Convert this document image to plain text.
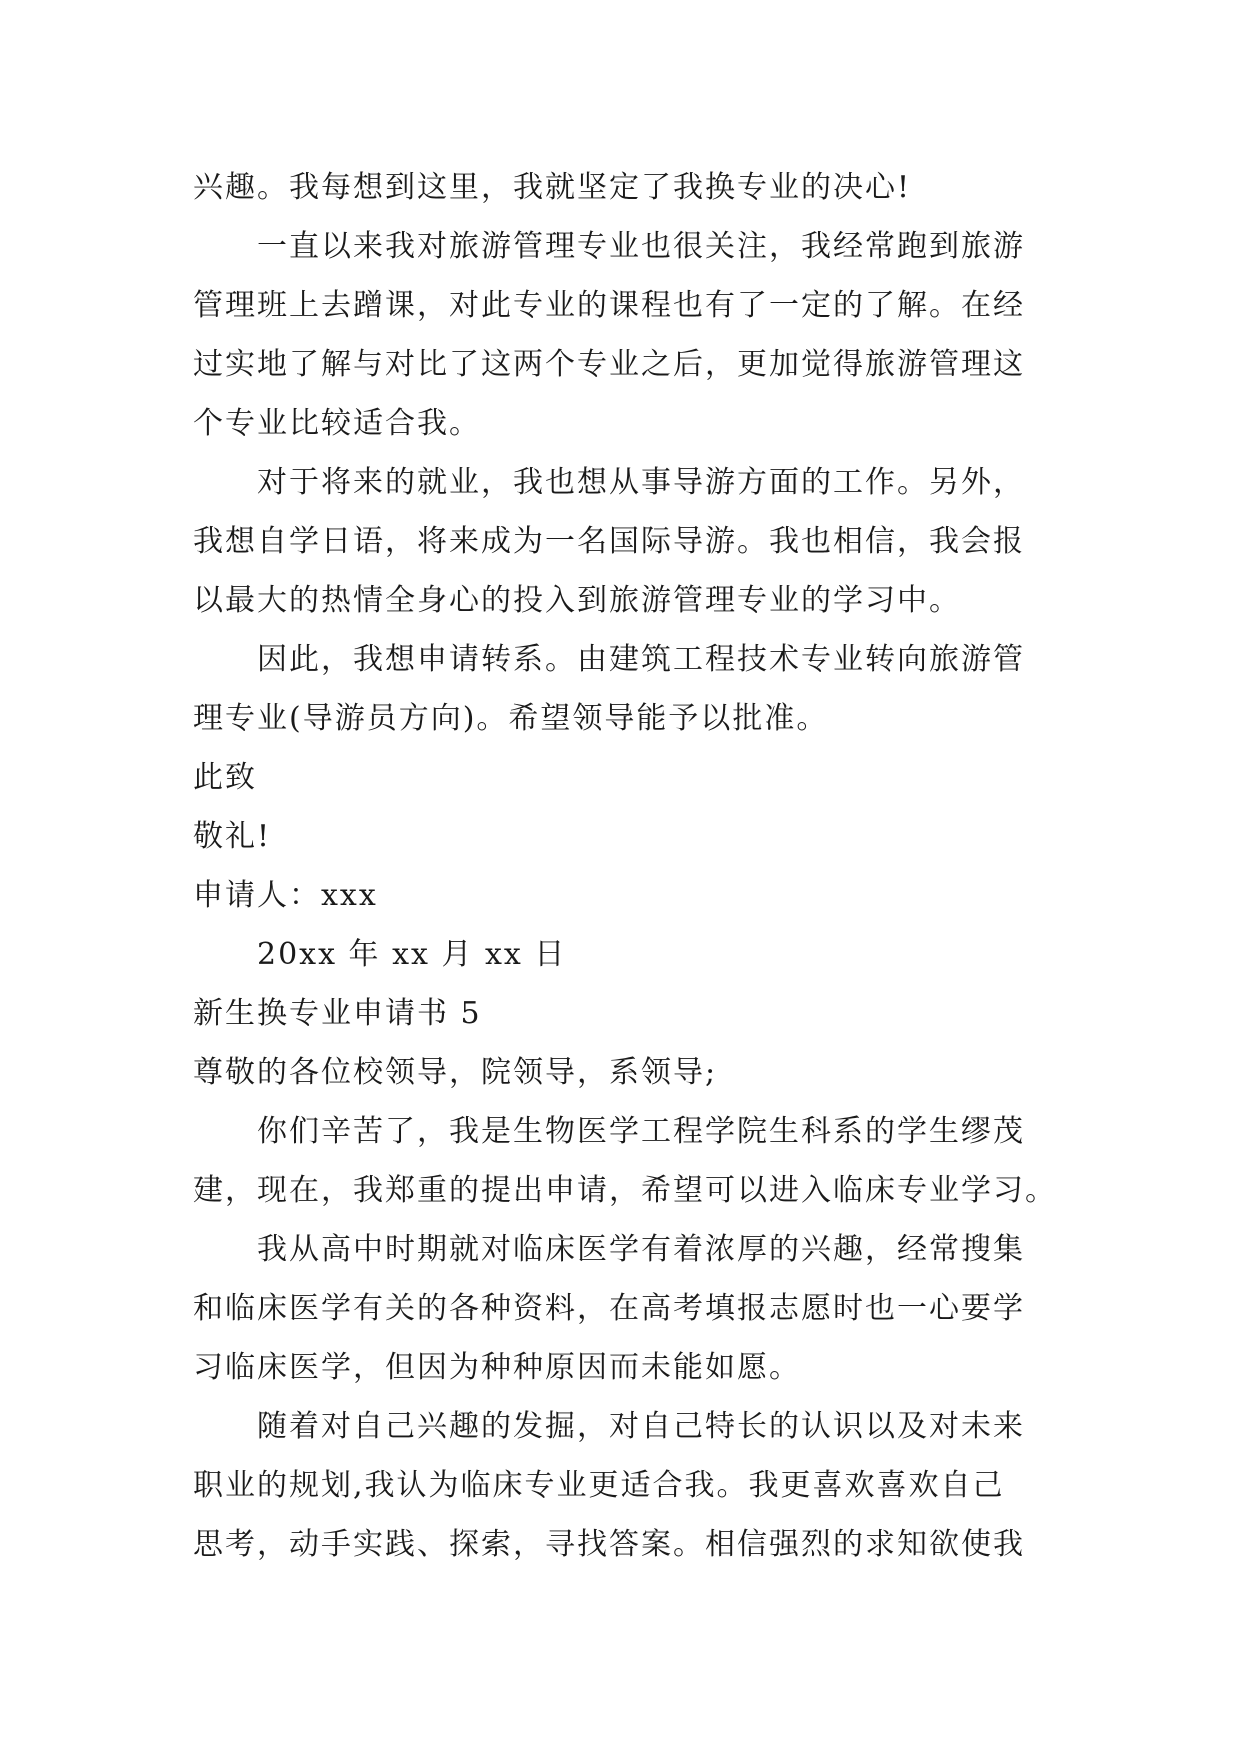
兴趣。我每想到这里，我就坚定了我换专业的决心!
一直以来我对旅游管理专业也很关注，我经常跑到旅游
管理班上去蹭课，对此专业的课程也有了一定的了解。在经
过实地了解与对比了这两个专业之后，更加觉得旅游管理这
个专业比较适合我。
对于将来的就业，我也想从事导游方面的工作。另外，
我想自学日语，将来成为一名国际导游。我也相信，我会报
以最大的热情全身心的投入到旅游管理专业的学习中。
因此，我想申请转系。由建筑工程技术专业转向旅游管
理专业(导游员方向)。希望领导能予以批准。
此致
敬礼!
申请人：xxx
20xx 年 xx 月 xx 日
新生换专业申请书 5
尊敬的各位校领导，院领导，系领导;
你们辛苦了，我是生物医学工程学院生科系的学生缪茂
建，现在，我郑重的提出申请，希望可以进入临床专业学习。
我从高中时期就对临床医学有着浓厚的兴趣，经常搜集
和临床医学有关的各种资料，在高考填报志愿时也一心要学
习临床医学，但因为种种原因而未能如愿。
随着对自己兴趣的发掘，对自己特长的认识以及对未来
职业的规划,我认为临床专业更适合我。我更喜欢喜欢自己
思考，动手实践、探索，寻找答案。相信强烈的求知欲使我
